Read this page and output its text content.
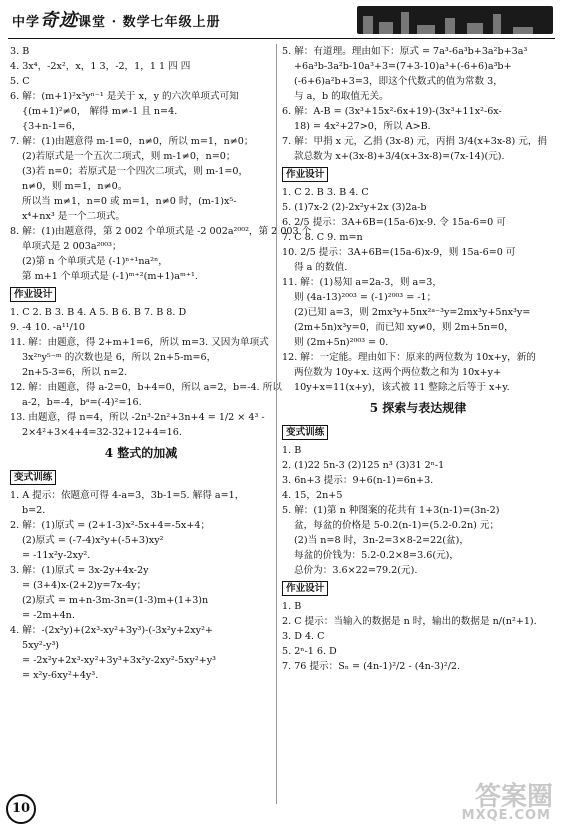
中学奇迹课堂 · 数学七年级上册
3. B
4. 3x⁴，-2x²，x，1 3，-2，1，1 1 四 四
5. C
6. 解：(m+1)²x³yⁿ⁻¹ 是关于 x，y 的六次单项式可知
{(m+1)²≠0， 解得 m≠-1 且 n=4.
{3+n-1=6，
7. 解：(1)由题意得 m-1=0，n≠0，所以 m=1，n≠0；
(2)若原式是一个五次二项式，则 m-1≠0，n=0；
(3)若 n=0；若原式是一个四次二项式，则 m-1=0，
n≠0，则 m=1，n≠0。
所以当 m≠1，n=0 或 m=1，n≠0 时，(m-1)x⁵-
x⁴+nx³ 是一个二项式。
8. 解：(1)由题意得，第 2 002 个单项式是 -2 002a²⁰⁰²，第 2 003 个
单项式是 2 003a²⁰⁰³；
(2)第 n 个单项式是 (-1)ⁿ⁺¹na²ⁿ，
第 m+1 个单项式是 (-1)ᵐ⁺²(m+1)aᵐ⁺¹.
作业设计
1. C 2. B 3. B 4. A 5. B 6. B 7. B 8. D
9. -4 10. -a¹¹/10
11. 解：由题意，得 2+m+1=6，所以 m=3. 又因为单项式
3x²ⁿy⁵⁻ᵐ 的次数也是 6，所以 2n+5-m=6，
2n+5-3=6，所以 n=2.
12. 解：由题意，得 a-2=0，b+4=0，所以 a=2，b=-4. 所以
a-2，b=-4，bᵃ=(-4)²=16.
13. 由题意，得 n=4，所以 -2n³-2n²+3n+4 = 1/2 × 4³ -
2×4²+3×4+4=32-32+12+4=16.
4 整式的加减
变式训练
1. A 提示：依题意可得 4-a=3，3b-1=5. 解得 a=1，
b=2.
2. 解：(1)原式 = (2+1-3)x²-5x+4=-5x+4；
(2)原式 = (-7-4)x²y+(-5+3)xy²
= -11x²y-2xy².
3. 解：(1)原式 = 3x-2y+4x-2y
= (3+4)x-(2+2)y=7x-4y；
(2)原式 = m+n-3m-3n=(1-3)m+(1+3)n
= -2m+4n.
4. 解：-(2x²y)+(2x³-xy²+3y³)-(-3x²y+2xy²+
5xy²-y³)
= -2x²y+2x³-xy²+3y³+3x²y-2xy²-5xy²+y³
= x²y-6xy²+4y³.
5. 解：有道理。理由如下：原式 = 7a³-6a³b+3a²b+3a³
+6a³b-3a²b-10a³+3=(7+3-10)a³+(-6+6)a³b+
(-6+6)a²b+3=3，即这个代数式的值为常数 3，
与 a，b 的取值无关。
6. 解：A-B = (3x³+15x²-6x+19)-(3x³+11x²-6x-
18) = 4x²+27>0，所以 A>B.
7. 解：甲捐 x 元，乙捐 (3x-8) 元，丙捐 3/4(x+3x-8) 元，捐
款总数为 x+(3x-8)+3/4(x+3x-8)=(7x-14)(元).
作业设计
1. C 2. B 3. B 4. C
5. (1)7x-2 (2)-2x²y+2x (3)2a-b
6. 2/5 提示：3A+6B=(15a-6)x-9. 令 15a-6=0 可
7. C 8. C 9. m=n
10. 2/5 提示：3A+6B=(15a-6)x-9，则 15a-6=0 可
得 a 的数值.
11. 解：(1)易知 a=2a-3，则 a=3，
则 (4a-13)²⁰⁰³ = (-1)²⁰⁰³ = -1；
(2)已知 a=3，则 2mx³y+5nx²ᵃ⁻³y=2mx³y+5nx³y=
(2m+5n)x³y=0，而已知 xy≠0，则 2m+5n=0，
则 (2m+5n)²⁰⁰³ = 0.
12. 解：一定能。理由如下：原来的两位数为 10x+y，新的
两位数为 10y+x. 这两个两位数之和为 10x+y+
10y+x=11(x+y)，该式被 11 整除之后等于 x+y.
5 探索与表达规律
变式训练
1. B
2. (1)22 5n-3 (2)125 n³ (3)31 2ⁿ-1
3. 6n+3 提示：9+6(n-1)=6n+3.
4. 15，2n+5
5. 解：(1)第 n 种图案的花共有 1+3(n-1)=(3n-2)
盆，每盆的价格是 5-0.2(n-1)=(5.2-0.2n) 元；
(2)当 n=8 时，3n-2=3×8-2=22(盆)，
每盆的价钱为：5.2-0.2×8=3.6(元)，
总价为：3.6×22=79.2(元).
作业设计
1. B
2. C 提示：当输入的数据是 n 时，输出的数据是 n/(n²+1).
3. D 4. C
5. 2ⁿ-1 6. D
7. 76 提示：Sₙ = (4n-1)²/2 - (4n-3)²/2.
10	答案圈
MXQE.COM
